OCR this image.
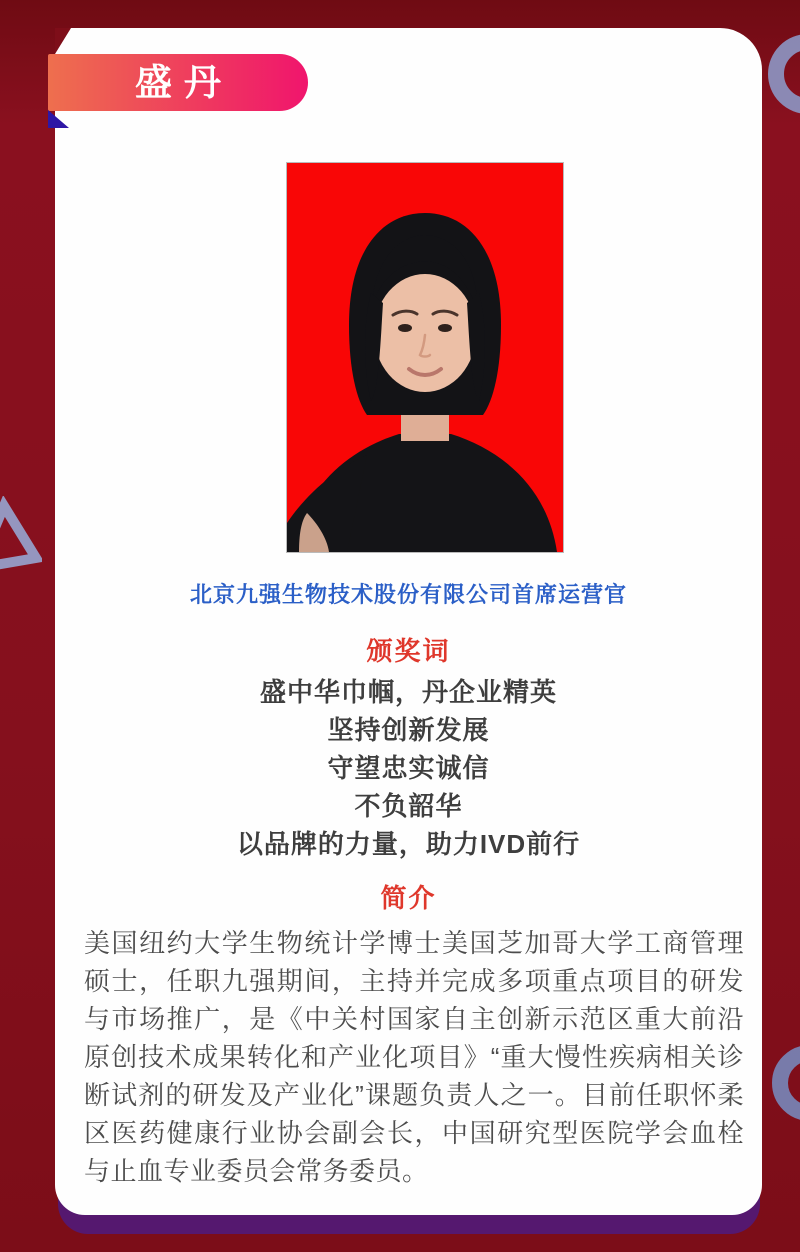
盛丹
北京九强生物技术股份有限公司首席运营官
颁奖词
盛中华巾帼，丹企业精英
坚持创新发展
守望忠实诚信
不负韶华
以品牌的力量，助力IVD前行
简介
美国纽约大学生物统计学博士美国芝加哥大学工商管理硕士，任职九强期间，主持并完成多项重点项目的研发与市场推广，是《中关村国家自主创新示范区重大前沿原创技术成果转化和产业化项目》“重大慢性疾病相关诊断试剂的研发及产业化”课题负责人之一。目前任职怀柔区医药健康行业协会副会长，中国研究型医院学会血栓与止血专业委员会常务委员。
